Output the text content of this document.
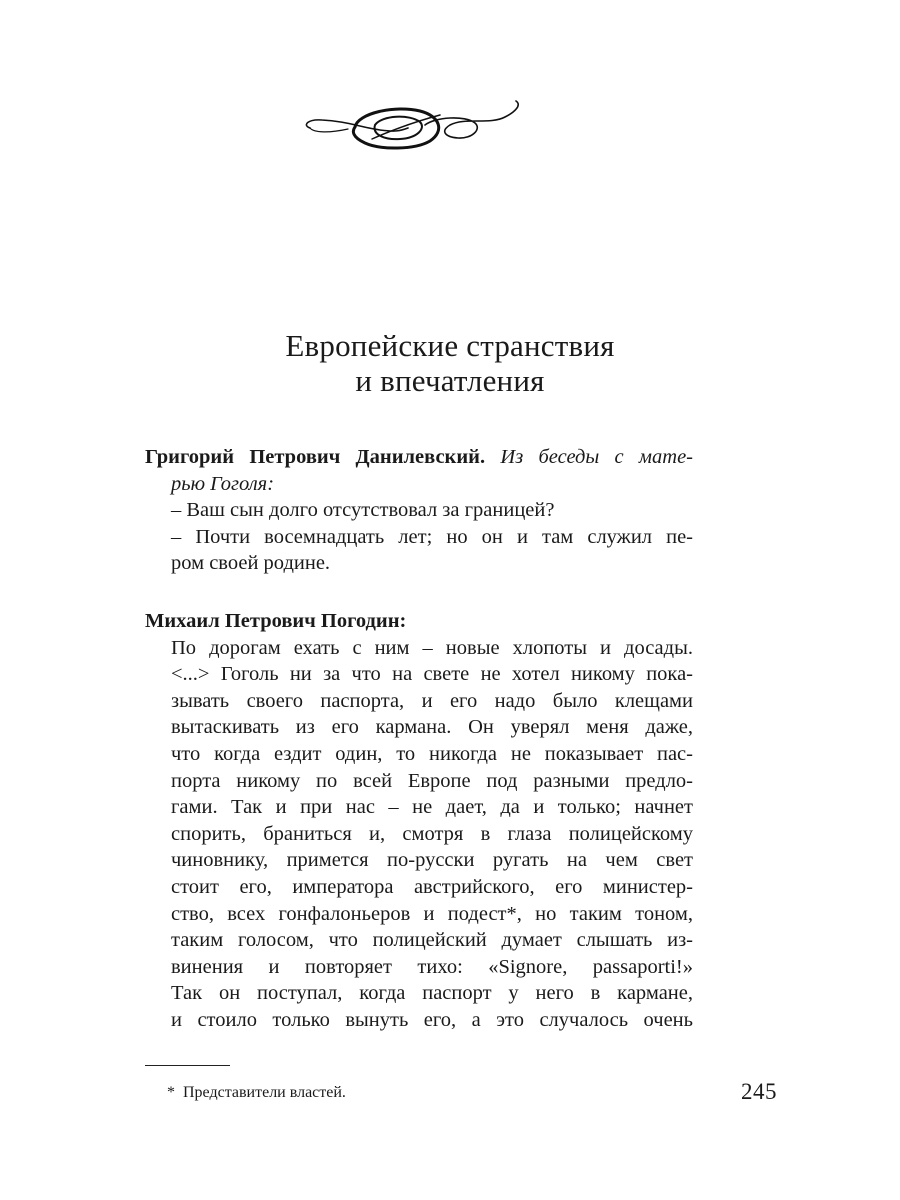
Европейские странствия
и впечатления
Григорий Петрович Данилевский. Из беседы с мате-
рью Гоголя:
– Ваш сын долго отсутствовал за границей?
– Почти восемнадцать лет; но он и там служил пе-
ром своей родине.
Михаил Петрович Погодин:
По дорогам ехать с ним – новые хлопоты и досады.
<...> Гоголь ни за что на свете не хотел никому пока-
зывать своего паспорта, и его надо было клещами
вытаскивать из его кармана. Он уверял меня даже,
что когда ездит один, то никогда не показывает пас-
порта никому по всей Европе под разными предло-
гами. Так и при нас – не дает, да и только; начнет
спорить, браниться и, смотря в глаза полицейскому
чиновнику, примется по-русски ругать на чем свет
стоит его, императора австрийского, его министер-
ство, всех гонфалоньеров и подест*, но таким тоном,
таким голосом, что полицейский думает слышать из-
винения и повторяет тихо: «Signore, passaporti!»
Так он поступал, когда паспорт у него в кармане,
и стоило только вынуть его, а это случалось очень
* Представители властей.	245
